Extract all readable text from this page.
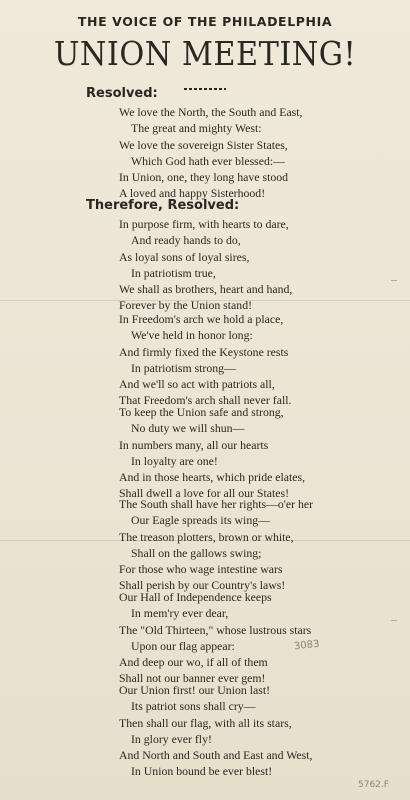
THE VOICE OF THE PHILADELPHIA
UNION MEETING!
Resolved:
We love the North, the South and East,
The great and mighty West:
We love the sovereign Sister States,
Which God hath ever blessed:—
In Union, one, they long have stood
A loved and happy Sisterhood!
Therefore, Resolved:
In purpose firm, with hearts to dare,
And ready hands to do,
As loyal sons of loyal sires,
In patriotism true,
We shall as brothers, heart and hand,
Forever by the Union stand!
In Freedom's arch we hold a place,
We've held in honor long:
And firmly fixed the Keystone rests
In patriotism strong—
And we'll so act with patriots all,
That Freedom's arch shall never fall.
To keep the Union safe and strong,
No duty we will shun—
In numbers many, all our hearts
In loyalty are one!
And in those hearts, which pride elates,
Shall dwell a love for all our States!
The South shall have her rights—o'er her
Our Eagle spreads its wing—
The treason plotters, brown or white,
Shall on the gallows swing;
For those who wage intestine wars
Shall perish by our Country's laws!
Our Hall of Independence keeps
In mem'ry ever dear,
The "Old Thirteen," whose lustrous stars
Upon our flag appear:
And deep our wo, if all of them
Shall not our banner ever gem!
Our Union first! our Union last!
Its patriot sons shall cry—
Then shall our flag, with all its stars,
In glory ever fly!
And North and South and East and West,
In Union bound be ever blest!
3083
5762.F
